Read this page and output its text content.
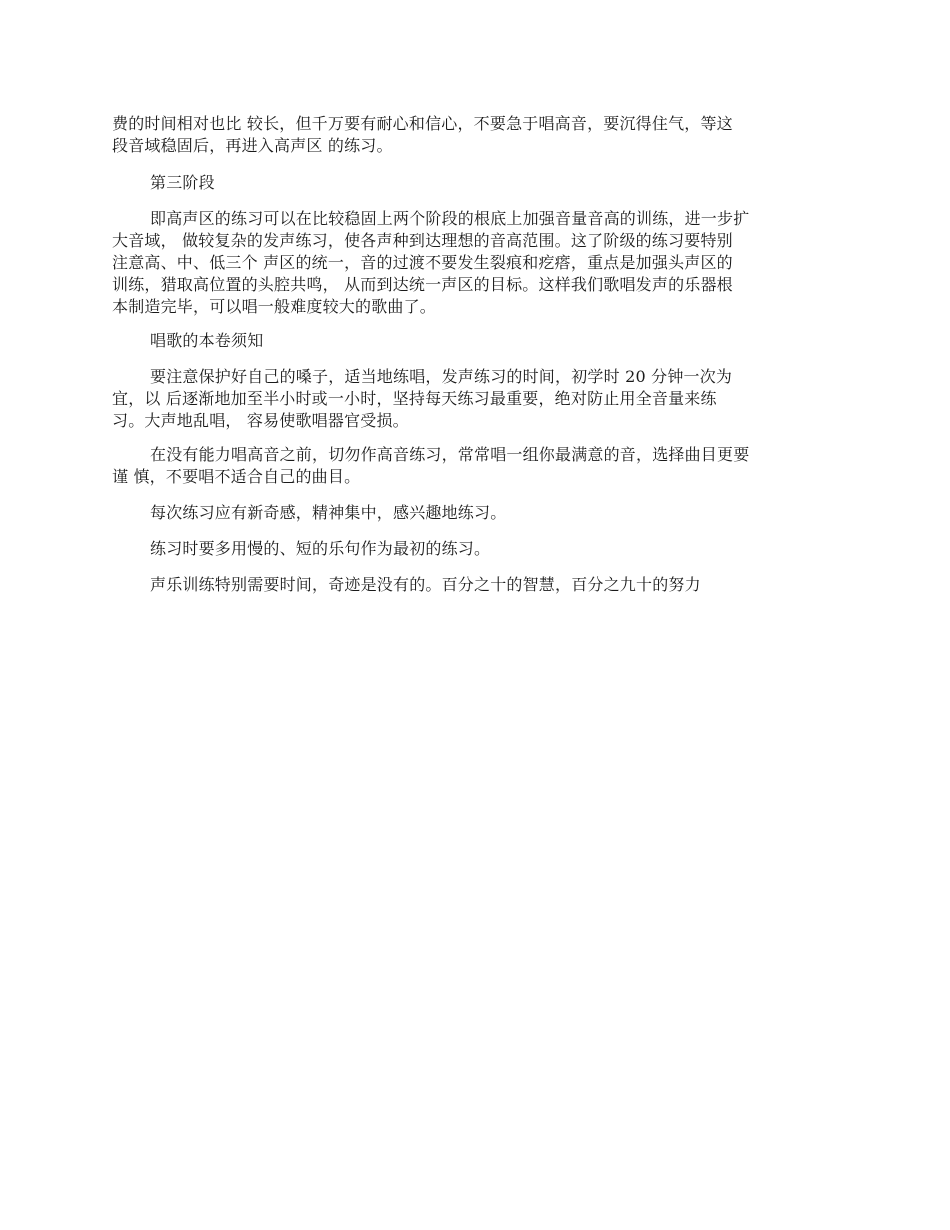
费的时间相对也比 较长，但千万要有耐心和信心，不要急于唱高音，要沉得住气，等这
段音域稳固后，再进入高声区 的练习。
第三阶段
即高声区的练习可以在比较稳固上两个阶段的根底上加强音量音高的训练，进一步扩
大音域， 做较复杂的发声练习，使各声种到达理想的音高范围。这了阶级的练习要特别
注意高、中、低三个 声区的统一，音的过渡不要发生裂痕和疙瘩，重点是加强头声区的
训练，猎取高位置的头腔共鸣， 从而到达统一声区的目标。这样我们歌唱发声的乐器根
本制造完毕，可以唱一般难度较大的歌曲了。
唱歌的本卷须知
要注意保护好自己的嗓子，适当地练唱，发声练习的时间，初学时 20 分钟一次为
宜，以 后逐渐地加至半小时或一小时，坚持每天练习最重要，绝对防止用全音量来练
习。大声地乱唱， 容易使歌唱器官受损。
在没有能力唱高音之前，切勿作高音练习，常常唱一组你最满意的音，选择曲目更要
谨 慎，不要唱不适合自己的曲目。
每次练习应有新奇感，精神集中，感兴趣地练习。
练习时要多用慢的、短的乐句作为最初的练习。
声乐训练特别需要时间，奇迹是没有的。百分之十的智慧，百分之九十的努力
